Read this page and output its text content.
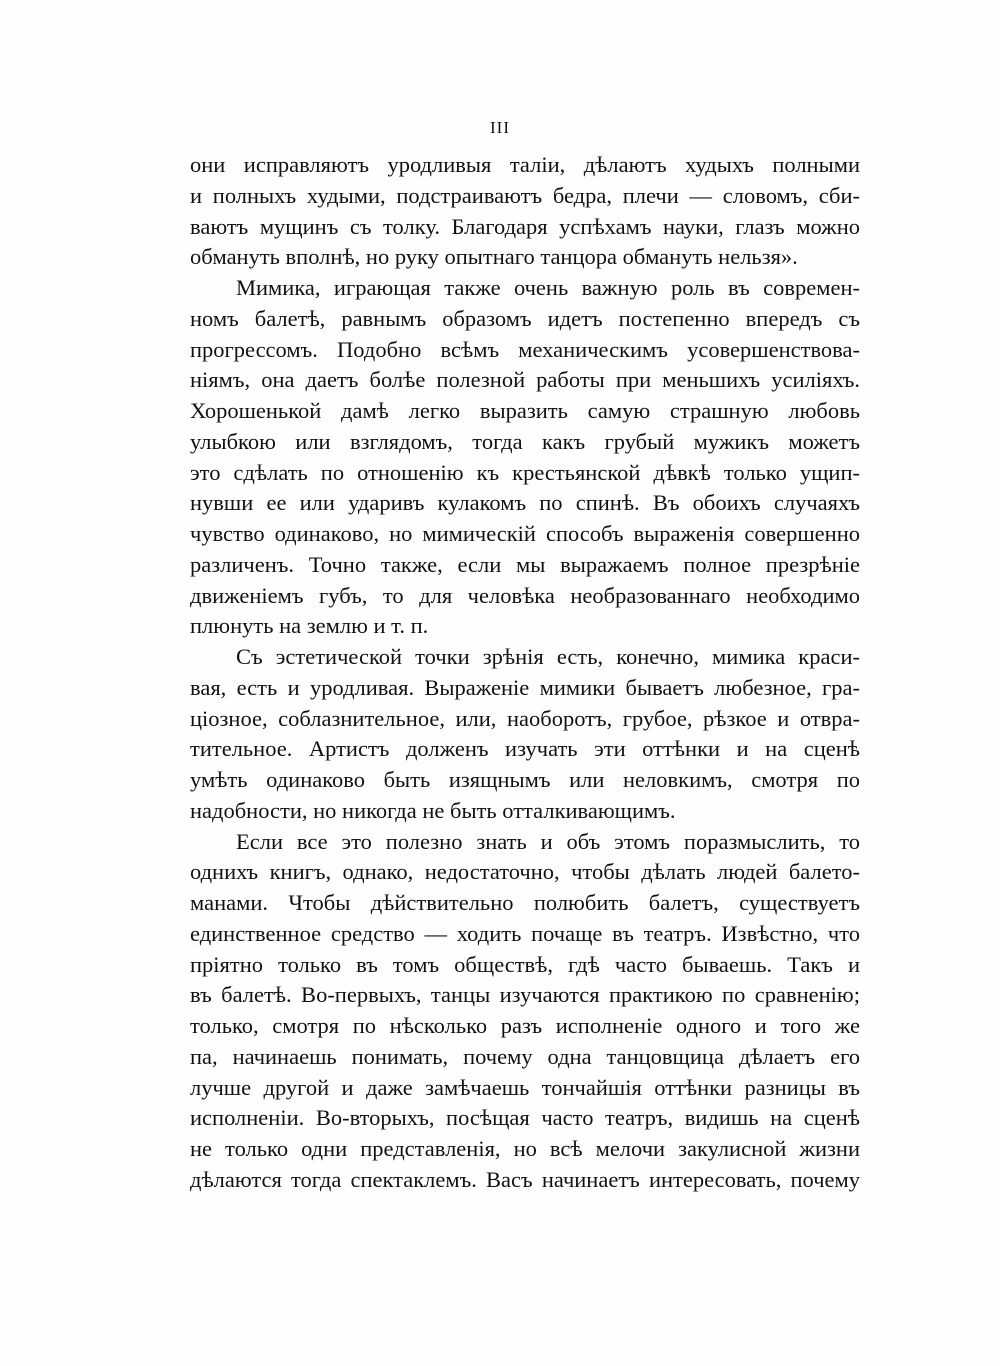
III
они исправляютъ уродливыя таліи, дѣлаютъ худыхъ полными
и полныхъ худыми, подстраиваютъ бедра, плечи — словомъ, сби-
ваютъ мущинъ съ толку. Благодаря успѣхамъ науки, глазъ можно
обмануть вполнѣ, но руку опытнаго танцора обмануть нельзя».
Мимика, играющая также очень важную роль въ современ-
номъ балетѣ, равнымъ образомъ идетъ постепенно впередъ съ
прогрессомъ. Подобно всѣмъ механическимъ усовершенствова-
ніямъ, она даетъ болѣе полезной работы при меньшихъ усиліяхъ.
Хорошенькой дамѣ легко выразить самую страшную любовь
улыбкою или взглядомъ, тогда какъ грубый мужикъ можетъ
это сдѣлать по отношенію къ крестьянской дѣвкѣ только ущип-
нувши ее или ударивъ кулакомъ по спинѣ. Въ обоихъ случаяхъ
чувство одинаково, но мимическій способъ выраженія совершенно
различенъ. Точно также, если мы выражаемъ полное презрѣніе
движеніемъ губъ, то для человѣка необразованнаго необходимо
плюнуть на землю и т. п.
Съ эстетической точки зрѣнія есть, конечно, мимика краси-
вая, есть и уродливая. Выраженіе мимики бываетъ любезное, гра-
ціозное, соблазнительное, или, наоборотъ, грубое, рѣзкое и отвра-
тительное. Артистъ долженъ изучать эти оттѣнки и на сценѣ
умѣть одинаково быть изящнымъ или неловкимъ, смотря по
надобности, но никогда не быть отталкивающимъ.
Если все это полезно знать и объ этомъ поразмыслить, то
однихъ книгъ, однако, недостаточно, чтобы дѣлать людей балето-
манами. Чтобы дѣйствительно полюбить балетъ, существуетъ
единственное средство — ходить почаще въ театръ. Извѣстно, что
пріятно только въ томъ обществѣ, гдѣ часто бываешь. Такъ и
въ балетѣ. Во-первыхъ, танцы изучаются практикою по сравненію;
только, смотря по нѣсколько разъ исполненіе одного и того же
па, начинаешь понимать, почему одна танцовщица дѣлаетъ его
лучше другой и даже замѣчаешь тончайшія оттѣнки разницы въ
исполненіи. Во-вторыхъ, посѣщая часто театръ, видишь на сценѣ
не только одни представленія, но всѣ мелочи закулисной жизни
дѣлаются тогда спектаклемъ. Васъ начинаетъ интересовать, почему
